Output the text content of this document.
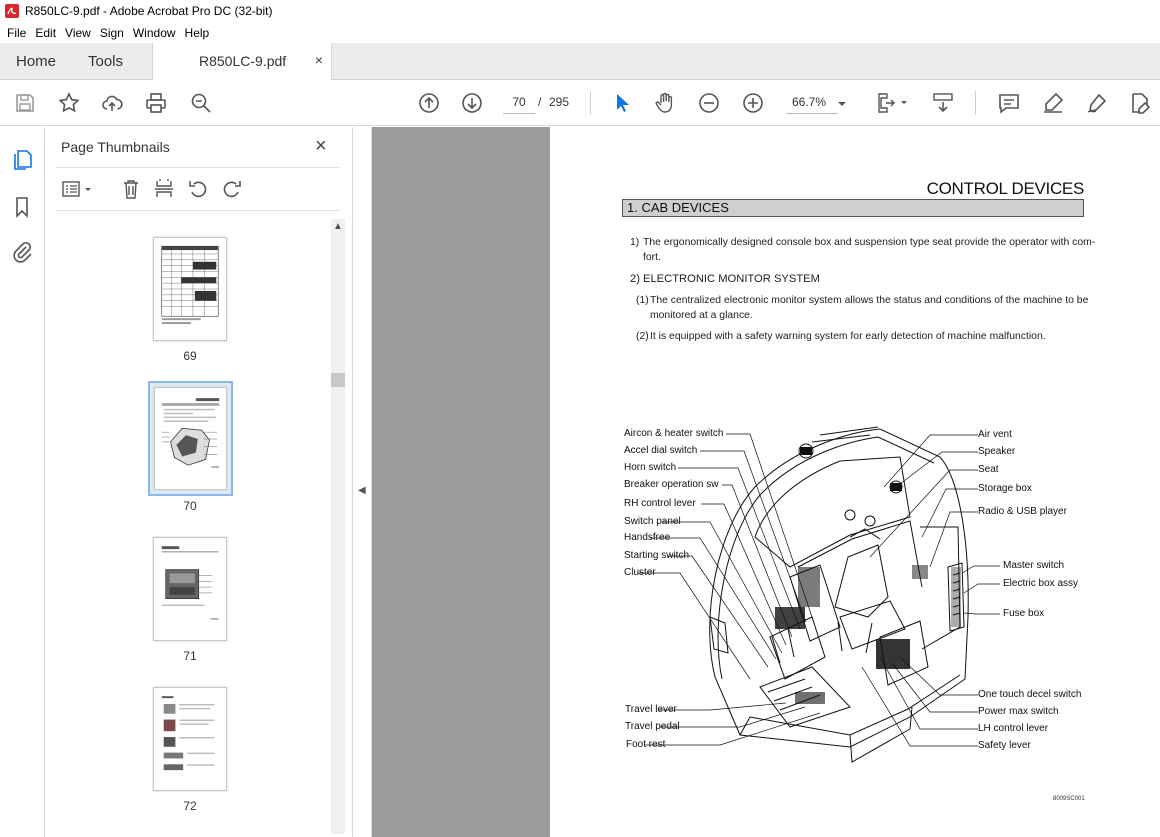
R850LC-9.pdf - Adobe Acrobat Pro DC (32-bit)
File Edit View Sign Window Help
Home Tools	R850LC-9.pdf ×
70
/ 295
66.7%
Page Thumbnails	×
69
70
71
72
▲
◀
CONTROL DEVICES
1. CAB DEVICES
1) The ergonomically designed console box and suspension type seat provide the operator with com-
fort.
2) ELECTRONIC MONITOR SYSTEM
(1) The centralized electronic monitor system allows the status and conditions of the machine to be
monitored at a glance.
(2) It is equipped with a safety warning system for early detection of machine malfunction.
Aircon & heater switch
Accel dial switch
Horn switch
Breaker operation sw
RH control lever
Switch panel
Handsfree
Starting switch
Cluster
Air vent
Speaker
Seat
Storage box
Radio & USB player
Master switch
Electric box assy
Fuse box
Travel lever
Travel pedal
Foot rest
One touch decel switch
Power max switch
LH control lever
Safety lever
8009SC001
